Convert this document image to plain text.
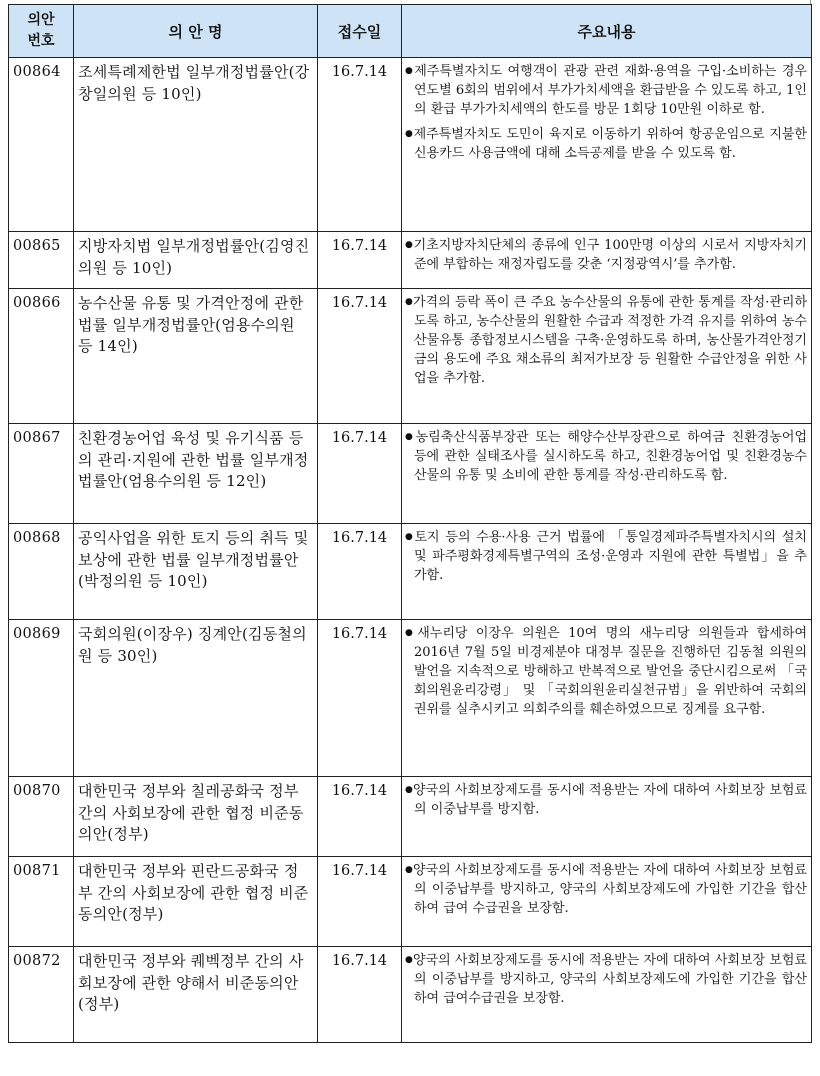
의안
번호	의 안 명	접수일	주요내용
00864	조세특례제한법 일부개정법률안(강창일의원 등 10인)	16.7.14	●제주특별자치도 여행객이 관광 관련 재화·용역을 구입·소비하는 경우 연도별 6회의 범위에서 부가가치세액을 환급받을 수 있도록 하고, 1인의 환급 부가가치세액의 한도를 방문 1회당 10만원 이하로 함.
●제주특별자치도 도민이 육지로 이동하기 위하여 항공운임으로 지불한 신용카드 사용금액에 대해 소득공제를 받을 수 있도록 함.

00865	지방자치법 일부개정법률안(김영진의원 등 10인)	16.7.14	●기초지방자치단체의 종류에 인구 100만명 이상의 시로서 지방자치기준에 부합하는 재정자립도를 갖춘 ‘지정광역시’를 추가함.

00866	농수산물 유통 및 가격안정에 관한 법률 일부개정법률안(엄용수의원 등 14인)	16.7.14	●가격의 등락 폭이 큰 주요 농수산물의 유통에 관한 통계를 작성·관리하도록 하고, 농수산물의 원활한 수급과 적정한 가격 유지를 위하여 농수산물유통 종합정보시스템을 구축·운영하도록 하며, 농산물가격안정기금의 용도에 주요 채소류의 최저가보장 등 원활한 수급안정을 위한 사업을 추가함.

00867	친환경농어업 육성 및 유기식품 등의 관리·지원에 관한 법률 일부개정법률안(엄용수의원 등 12인)	16.7.14	●농림축산식품부장관 또는 해양수산부장관으로 하여금 친환경농어업 등에 관한 실태조사를 실시하도록 하고, 친환경농어업 및 친환경농수산물의 유통 및 소비에 관한 통계를 작성·관리하도록 함.

00868	공익사업을 위한 토지 등의 취득 및 보상에 관한 법률 일부개정법률안(박정의원 등 10인)	16.7.14	●토지 등의 수용·사용 근거 법률에 「통일경제파주특별자치시의 설치 및 파주평화경제특별구역의 조성·운영과 지원에 관한 특별법」을 추가함.

00869	국회의원(이장우) 징계안(김동철의원 등 30인)	16.7.14	●새누리당 이장우 의원은 10여 명의 새누리당 의원들과 합세하여 2016년 7월 5일 비경제분야 대정부 질문을 진행하던 김동철 의원의 발언을 지속적으로 방해하고 반복적으로 발언을 중단시킴으로써 「국회의원윤리강령」 및 「국회의원윤리실천규범」을 위반하여 국회의 권위를 실추시키고 의회주의를 훼손하였으므로 징계를 요구함.

00870	대한민국 정부와 칠레공화국 정부 간의 사회보장에 관한 협정 비준동의안(정부)	16.7.14	●양국의 사회보장제도를 동시에 적용받는 자에 대하여 사회보장 보험료의 이중납부를 방지함.

00871	대한민국 정부와 핀란드공화국 정부 간의 사회보장에 관한 협정 비준동의안(정부)	16.7.14	●양국의 사회보장제도를 동시에 적용받는 자에 대하여 사회보장 보험료의 이중납부를 방지하고, 양국의 사회보장제도에 가입한 기간을 합산하여 급여 수급권을 보장함.

00872	대한민국 정부와 퀘벡정부 간의 사회보장에 관한 양해서 비준동의안(정부)	16.7.14	●양국의 사회보장제도를 동시에 적용받는 자에 대하여 사회보장 보험료의 이중납부를 방지하고, 양국의 사회보장제도에 가입한 기간을 합산하여 급여수급권을 보장함.
